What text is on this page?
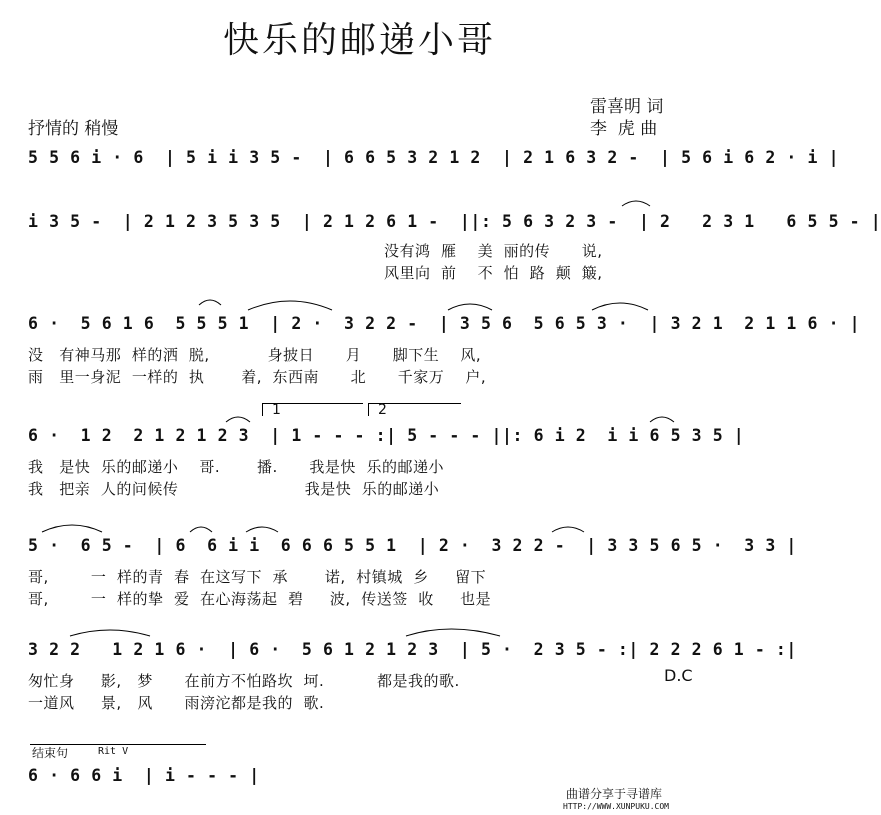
快乐的邮递小哥
雷喜明 词
李  虎 曲
抒情的 稍慢
5 5 6 i · 6  | 5 i i 3 5 -  | 6 6 5 3 2 1 2  | 2 1 6 3 2 -  | 5 6 i 6 2 · i |
i 3 5 -  | 2 1 2 3 5 3 5  | 2 1 2 6 1 -  ||: 5 6 3 2 3 -  | 2   2 3 1   6 5 5 - |
没有鸿  雁    美  丽的传      说,
风里向  前    不  怕  路  颠  簸,
6 ·  5 6 1 6  5 5 5 1  | 2 ·  3 2 2 -  | 3 5 6  5 6 5 3 ·  | 3 2 1  2 1 1 6 · |
没   有神马那  样的洒  脱,           身披日      月      脚下生    风,
雨   里一身泥  一样的  执       着,  东西南      北      千家万    户,
1	2
6 ·  1 2  2 1 2 1 2 3  | 1 - - - :| 5 - - - ||: 6 i 2  i i 6 5 3 5 |
我   是快  乐的邮递小    哥.       播.      我是快  乐的邮递小
我   把亲  人的问候传                        我是快  乐的邮递小
5 ·  6 5 -  | 6  6 i i  6 6 6 5 5 1  | 2 ·  3 2 2 -  | 3 3 5 6 5 ·  3 3 |
哥,        一  样的青  春  在这写下  承       诺,  村镇城  乡     留下
哥,        一  样的挚  爱  在心海荡起  碧     波,  传送签  收     也是
3 2 2   1 2 1 6 ·  | 6 ·  5 6 1 2 1 2 3  | 5 ·  2 3 5 - :| 2 2 2 6 1 - :|
匆忙身     影,   梦      在前方不怕路坎  坷.          都是我的歌.
一道风     景,   风      雨滂沱都是我的  歌.
D.C
结束句	Rit V
6 · 6 6 i  | i - - - |
曲谱分享于寻谱库
HTTP://WWW.XUNPUKU.COM
